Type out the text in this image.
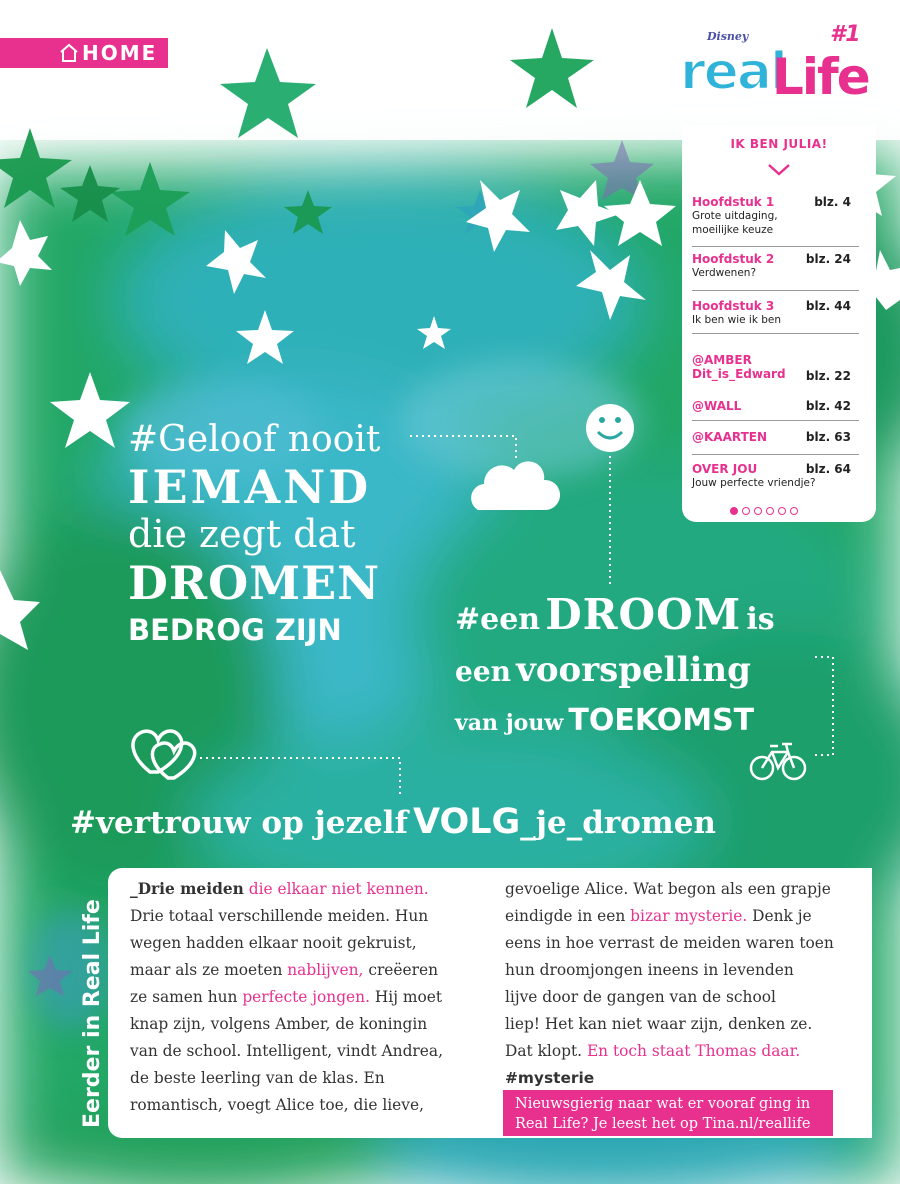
HOME
Disney
real
Life
#1
IK BEN JULIA!
Hoofdstuk 1
Grote uitdaging,
moeilijke keuze
blz. 4
Hoofdstuk 2
Verdwenen?
blz. 24
Hoofdstuk 3
Ik ben wie ik ben
blz. 44
@AMBER
Dit_is_Edward	blz. 22
@WALL	blz. 42
@KAARTEN	blz. 63
OVER JOU
Jouw perfecte vriendje?
blz. 64
#Geloof nooit
IEMAND
die zegt dat
DROMEN
BEDROG ZIJN	#een DROOM is
een voorspelling
van jouw TOEKOMST
#vertrouw op jezelf VOLG_je_dromen
Eerder in Real Life
_Drie meiden die elkaar niet kennen.
Drie totaal verschillende meiden. Hun
wegen hadden elkaar nooit gekruist,
maar als ze moeten nablijven, creëeren
ze samen hun perfecte jongen. Hij moet
knap zijn, volgens Amber, de koningin
van de school. Intelligent, vindt Andrea,
de beste leerling van de klas. En
romantisch, voegt Alice toe, die lieve,
gevoelige Alice. Wat begon als een grapje
eindigde in een bizar mysterie. Denk je
eens in hoe verrast de meiden waren toen
hun droomjongen ineens in levenden
lijve door de gangen van de school
liep! Het kan niet waar zijn, denken ze.
Dat klopt. En toch staat Thomas daar.
#mysterie
Nieuwsgierig naar wat er vooraf ging in
Real Life? Je leest het op Tina.nl/reallife
